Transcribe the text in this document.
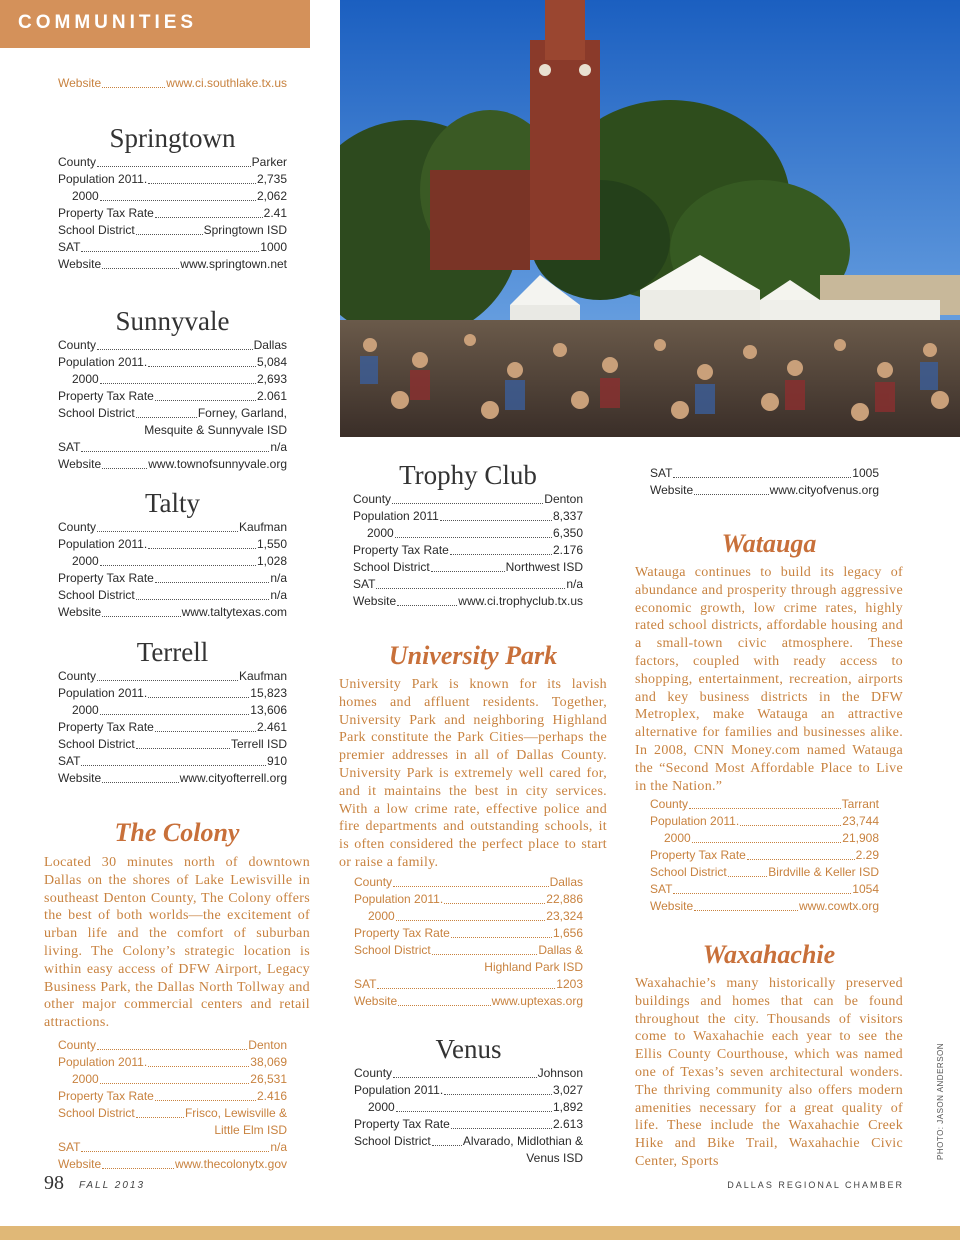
COMMUNITIES
Website	www.ci.southlake.tx.us
Springtown
County	Parker
Population 2011.	2,735
2000	2,062
Property Tax Rate	2.41
School District	Springtown ISD
SAT	1000
Website	www.springtown.net
Sunnyvale
County	Dallas
Population 2011.	5,084
2000	2,693
Property Tax Rate	2.061
School District	Forney, Garland,
Mesquite & Sunnyvale ISD
SAT	n/a
Website	www.townofsunnyvale.org
Talty
County	Kaufman
Population 2011.	1,550
2000	1,028
Property Tax Rate	n/a
School District	n/a
Website	www.taltytexas.com
Terrell
County	Kaufman
Population 2011.	15,823
2000	13,606
Property Tax Rate	2.461
School District	Terrell ISD
SAT	910
Website	www.cityofterrell.org
The Colony

Located 30 minutes north of downtown Dallas on the shores of Lake Lewisville in southeast Denton County, The Colony offers the best of both worlds—the excitement of urban life and the comfort of suburban living. The Colony’s strategic location is within easy access of DFW Airport, Legacy Business Park, the Dallas North Tollway and other major commercial centers and retail attractions.

County	Denton
Population 2011.	38,069
2000	26,531
Property Tax Rate	2.416
School District	Frisco, Lewisville &
Little Elm ISD
SAT	n/a
Website	www.thecolonytx.gov
Trophy Club
County	Denton
Population 2011	8,337
2000	6,350
Property Tax Rate	2.176
School District	Northwest ISD
SAT	n/a
Website	www.ci.trophyclub.tx.us
University Park

University Park is known for its lavish homes and affluent residents. Together, University Park and neighboring Highland Park constitute the Park Cities—perhaps the premier addresses in all of Dallas County. University Park is extremely well cared for, and it maintains the best in city services. With a low crime rate, effective police and fire departments and outstanding schools, it is often considered the perfect place to start or raise a family.

County	Dallas
Population 2011.	22,886
2000	23,324
Property Tax Rate	1,656
School District	Dallas &
Highland Park ISD
SAT	1203
Website	www.uptexas.org
Venus
County	Johnson
Population 2011.	3,027
2000	1,892
Property Tax Rate	2.613
School District	Alvarado, Midlothian &
Venus ISD
SAT	1005
Website	www.cityofvenus.org
Watauga

Watauga continues to build its legacy of abundance and prosperity through aggressive economic growth, low crime rates, highly rated school districts, affordable housing and a small-town civic atmosphere. These factors, coupled with ready access to shopping, entertainment, recreation, airports and key business districts in the DFW Metroplex, make Watauga an attractive alternative for families and businesses alike. In 2008, CNN Money.com named Watauga the “Second Most Affordable Place to Live in the Nation.”

County	Tarrant
Population 2011.	23,744
2000	21,908
Property Tax Rate	2.29
School District	Birdville & Keller ISD
SAT	1054
Website	www.cowtx.org
Waxahachie

Waxahachie’s many historically preserved buildings and homes that can be found throughout the city. Thousands of visitors come to Waxahachie each year to see the Ellis County Courthouse, which was named one of Texas’s seven architectural wonders. The thriving community also offers modern amenities necessary for a great quality of life. These include the Waxahachie Creek Hike and Bike Trail, Waxahachie Civic Center, Sports

98 FALL 2013	DALLAS REGIONAL CHAMBER
PHOTO: JASON ANDERSON
